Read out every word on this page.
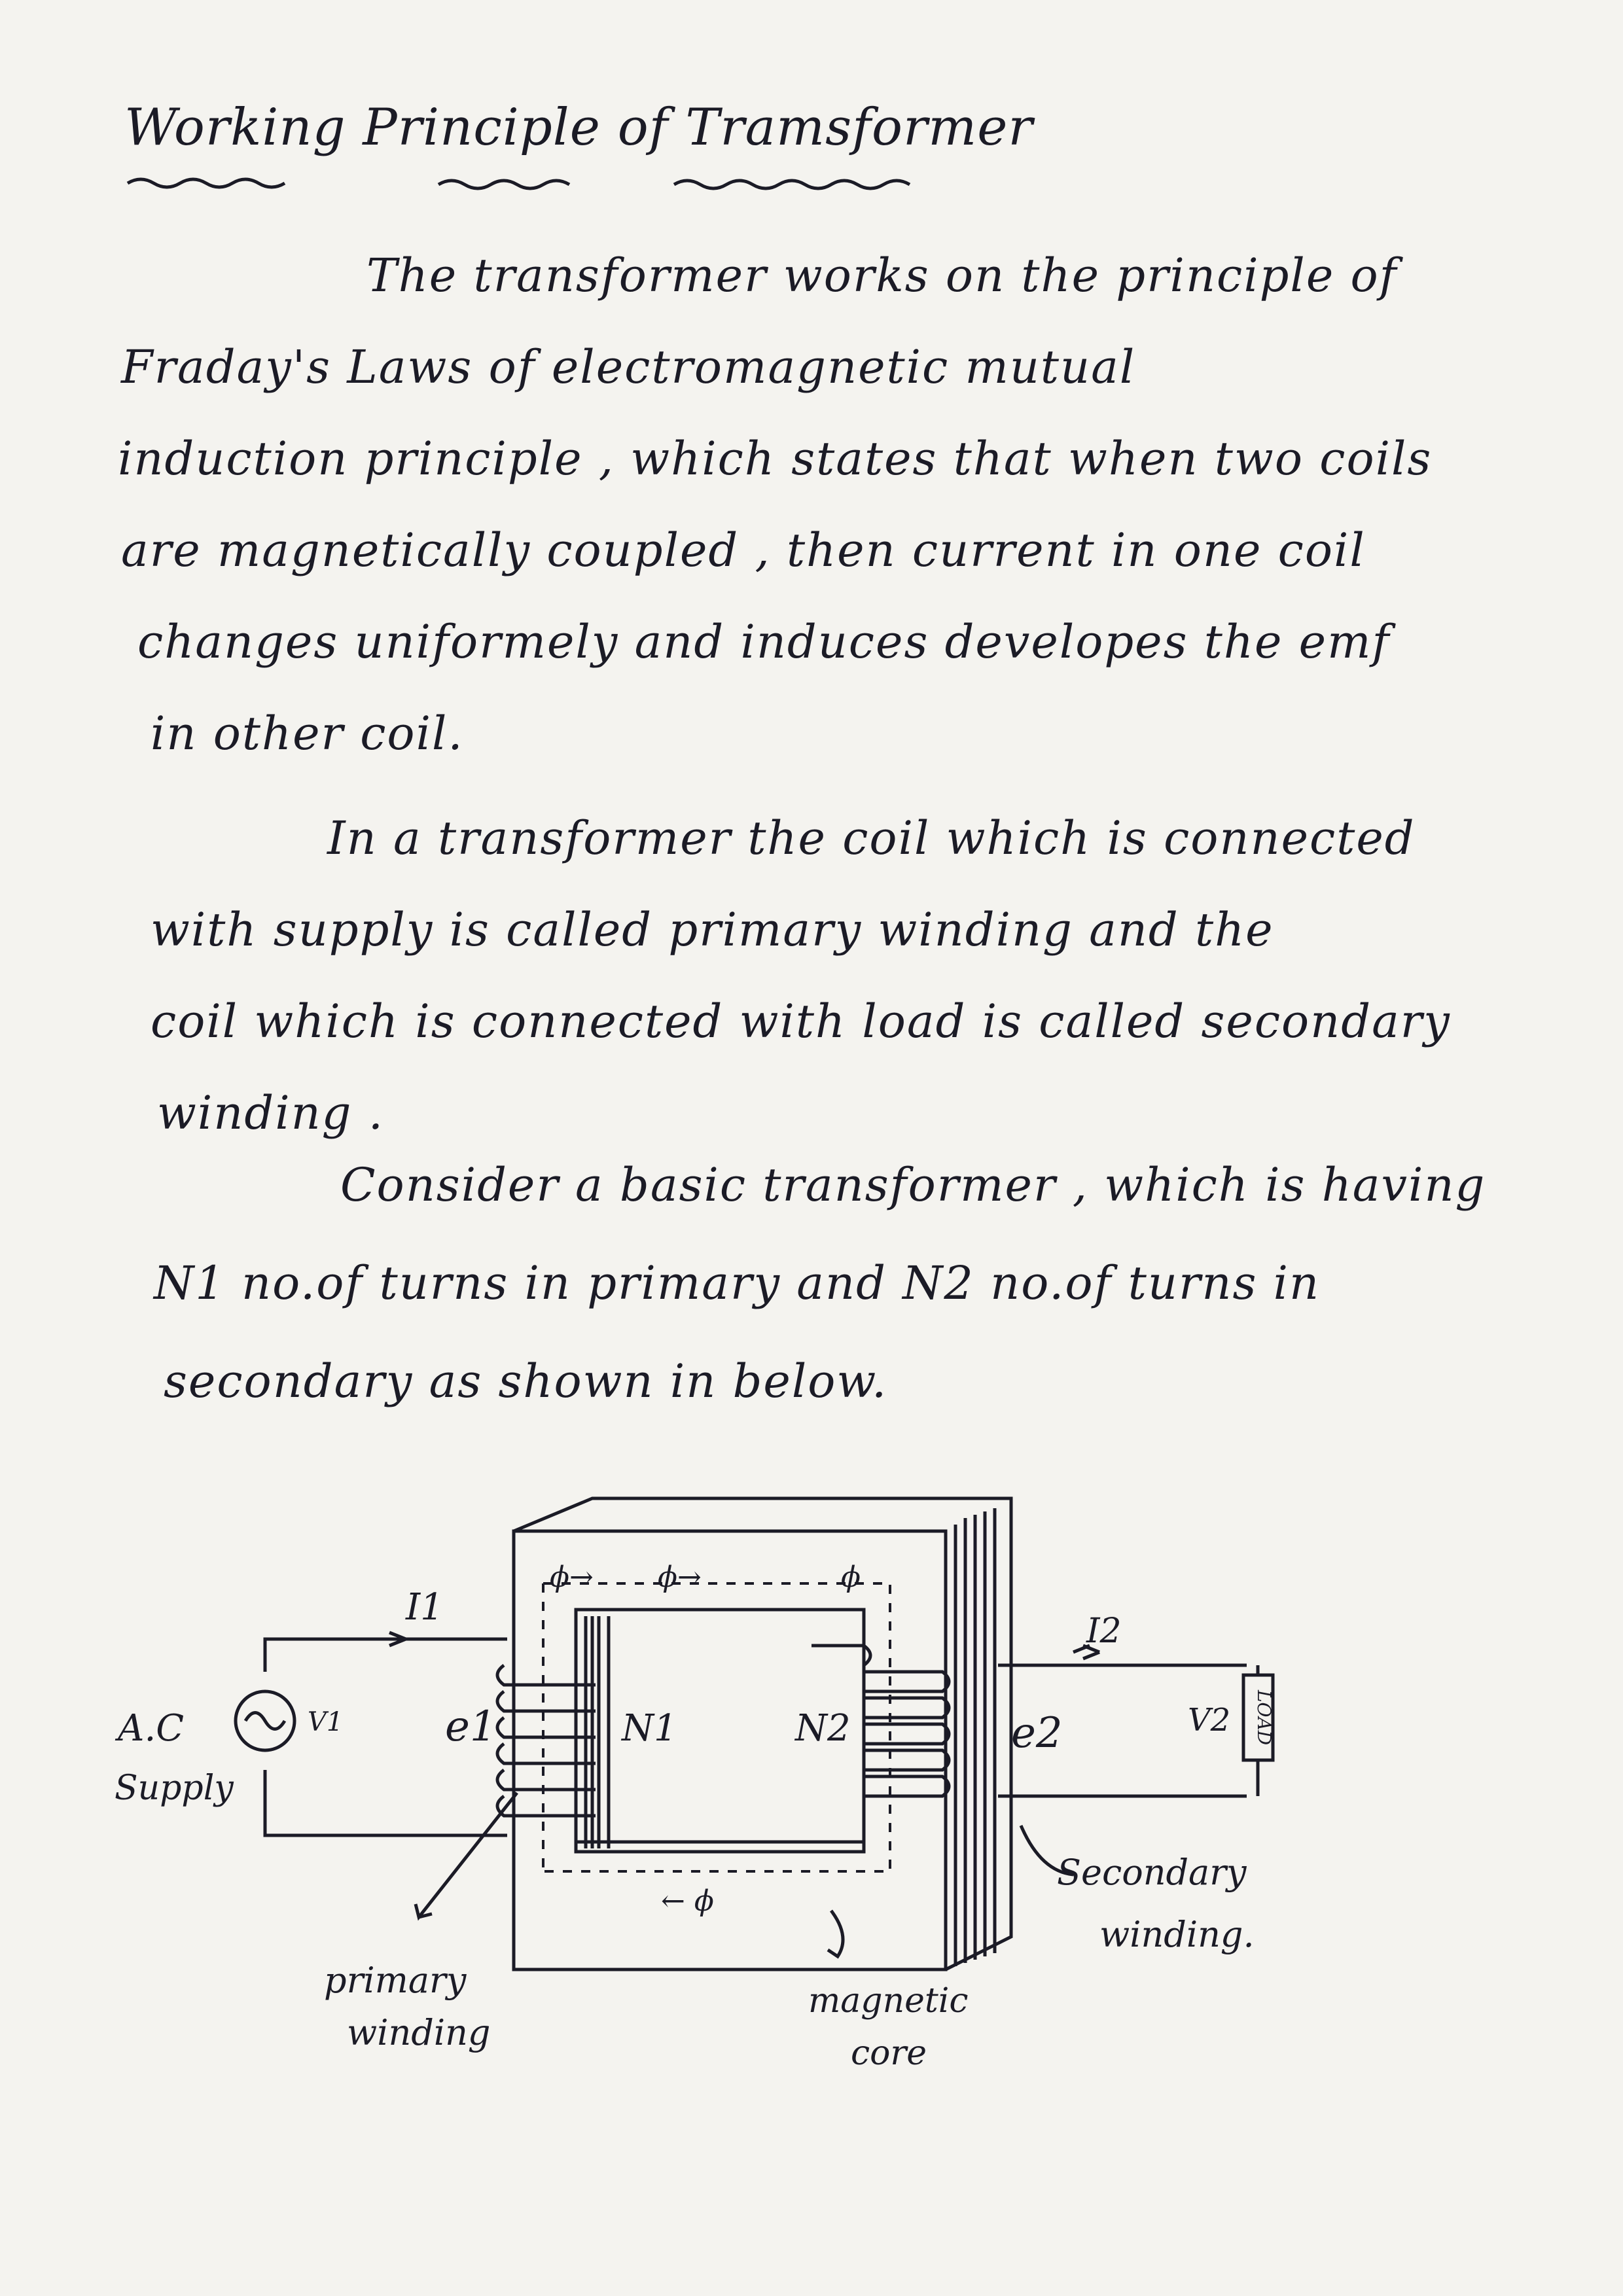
Working Principle of Tramsformer
The transformer works on the principle of
Fraday's Laws of electromagnetic mutual
induction principle , which states that when two coils
are magnetically coupled , then current in one coil
changes uniformely and induces developes the emf
in other coil.
In a transformer the coil which is connected
with supply is called primary winding and the
coil which is connected with load is called secondary
winding .
Consider a basic transformer , which is having
N1 no.of turns in primary and N2 no.of turns in
secondary as shown in below.
A.C
Supply
V1
I1
e1	N1	N2	e2
I2
V2 LOAD
ϕ→ ϕ→	ϕ
← ϕ
primary
winding
Secondary
winding.
magnetic
core
